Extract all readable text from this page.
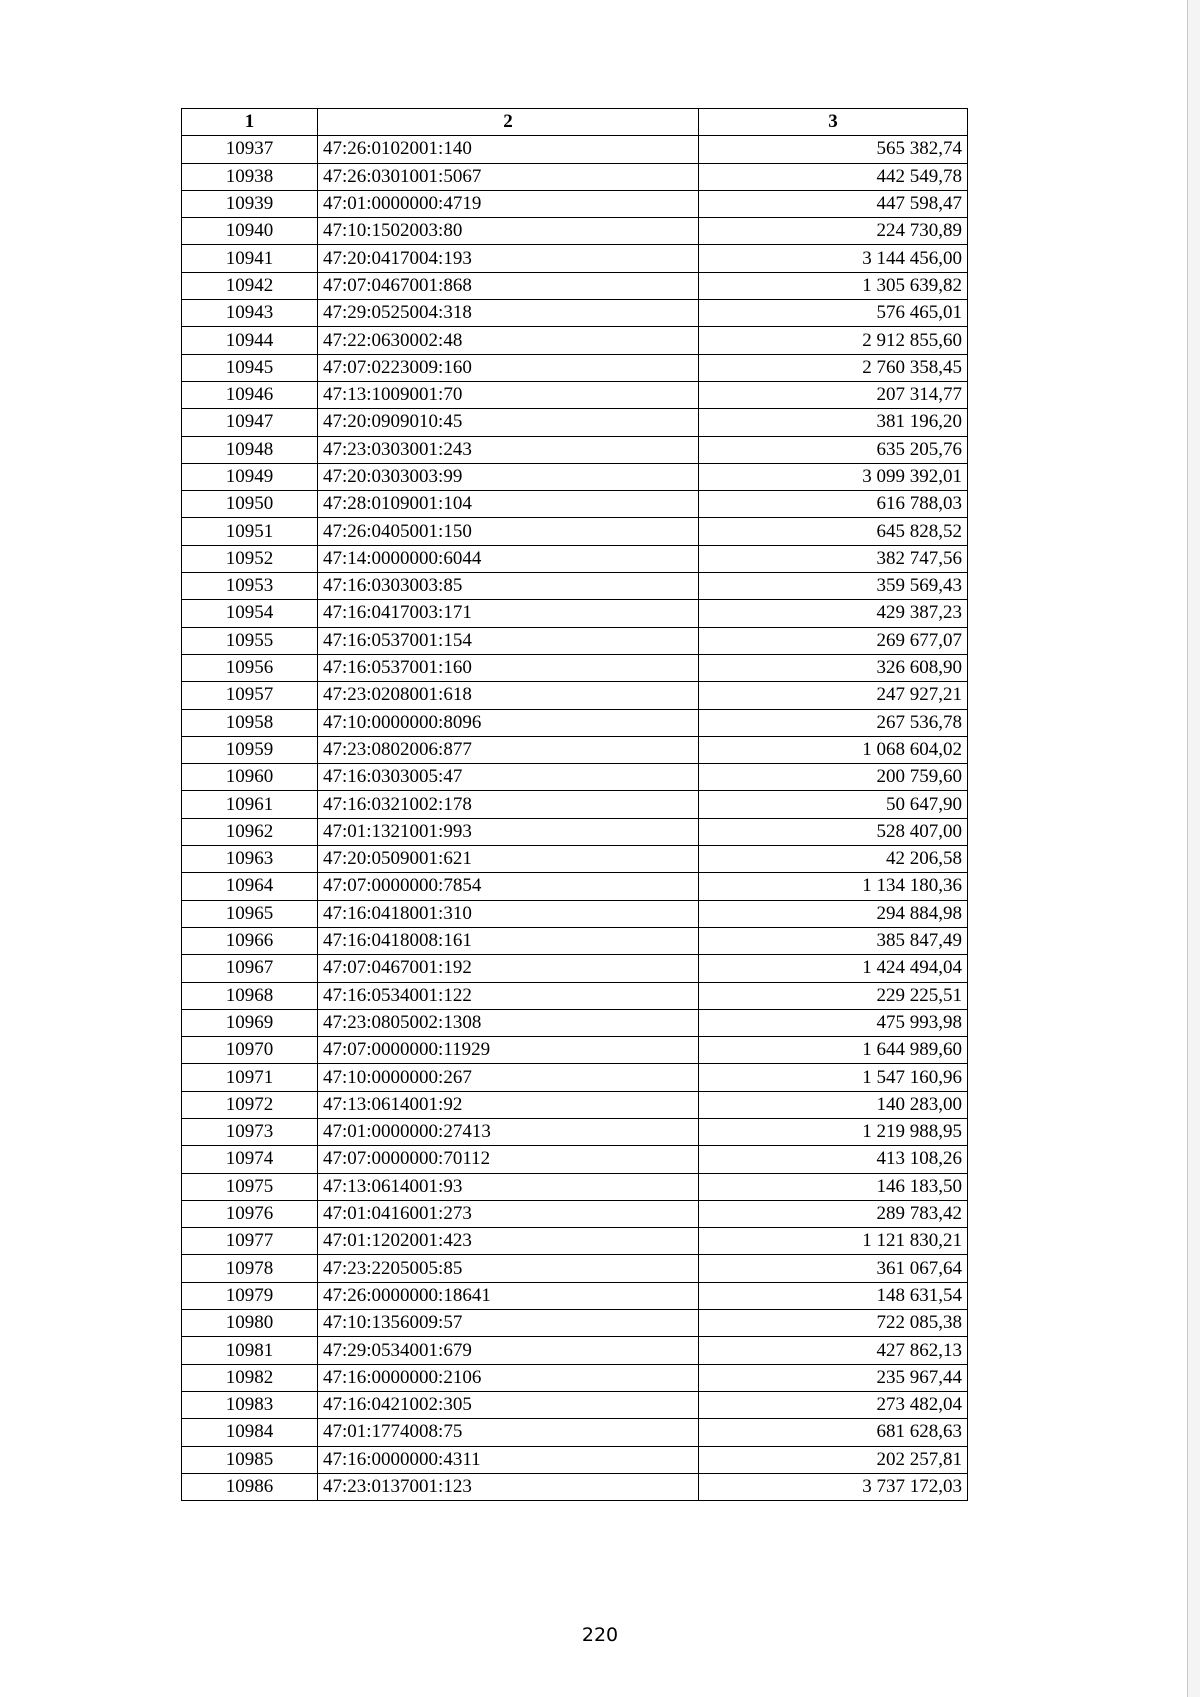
1	2	3
10937	47:26:0102001:140	565 382,74
10938	47:26:0301001:5067	442 549,78
10939	47:01:0000000:4719	447 598,47
10940	47:10:1502003:80	224 730,89
10941	47:20:0417004:193	3 144 456,00
10942	47:07:0467001:868	1 305 639,82
10943	47:29:0525004:318	576 465,01
10944	47:22:0630002:48	2 912 855,60
10945	47:07:0223009:160	2 760 358,45
10946	47:13:1009001:70	207 314,77
10947	47:20:0909010:45	381 196,20
10948	47:23:0303001:243	635 205,76
10949	47:20:0303003:99	3 099 392,01
10950	47:28:0109001:104	616 788,03
10951	47:26:0405001:150	645 828,52
10952	47:14:0000000:6044	382 747,56
10953	47:16:0303003:85	359 569,43
10954	47:16:0417003:171	429 387,23
10955	47:16:0537001:154	269 677,07
10956	47:16:0537001:160	326 608,90
10957	47:23:0208001:618	247 927,21
10958	47:10:0000000:8096	267 536,78
10959	47:23:0802006:877	1 068 604,02
10960	47:16:0303005:47	200 759,60
10961	47:16:0321002:178	50 647,90
10962	47:01:1321001:993	528 407,00
10963	47:20:0509001:621	42 206,58
10964	47:07:0000000:7854	1 134 180,36
10965	47:16:0418001:310	294 884,98
10966	47:16:0418008:161	385 847,49
10967	47:07:0467001:192	1 424 494,04
10968	47:16:0534001:122	229 225,51
10969	47:23:0805002:1308	475 993,98
10970	47:07:0000000:11929	1 644 989,60
10971	47:10:0000000:267	1 547 160,96
10972	47:13:0614001:92	140 283,00
10973	47:01:0000000:27413	1 219 988,95
10974	47:07:0000000:70112	413 108,26
10975	47:13:0614001:93	146 183,50
10976	47:01:0416001:273	289 783,42
10977	47:01:1202001:423	1 121 830,21
10978	47:23:2205005:85	361 067,64
10979	47:26:0000000:18641	148 631,54
10980	47:10:1356009:57	722 085,38
10981	47:29:0534001:679	427 862,13
10982	47:16:0000000:2106	235 967,44
10983	47:16:0421002:305	273 482,04
10984	47:01:1774008:75	681 628,63
10985	47:16:0000000:4311	202 257,81
10986	47:23:0137001:123	3 737 172,03
220
